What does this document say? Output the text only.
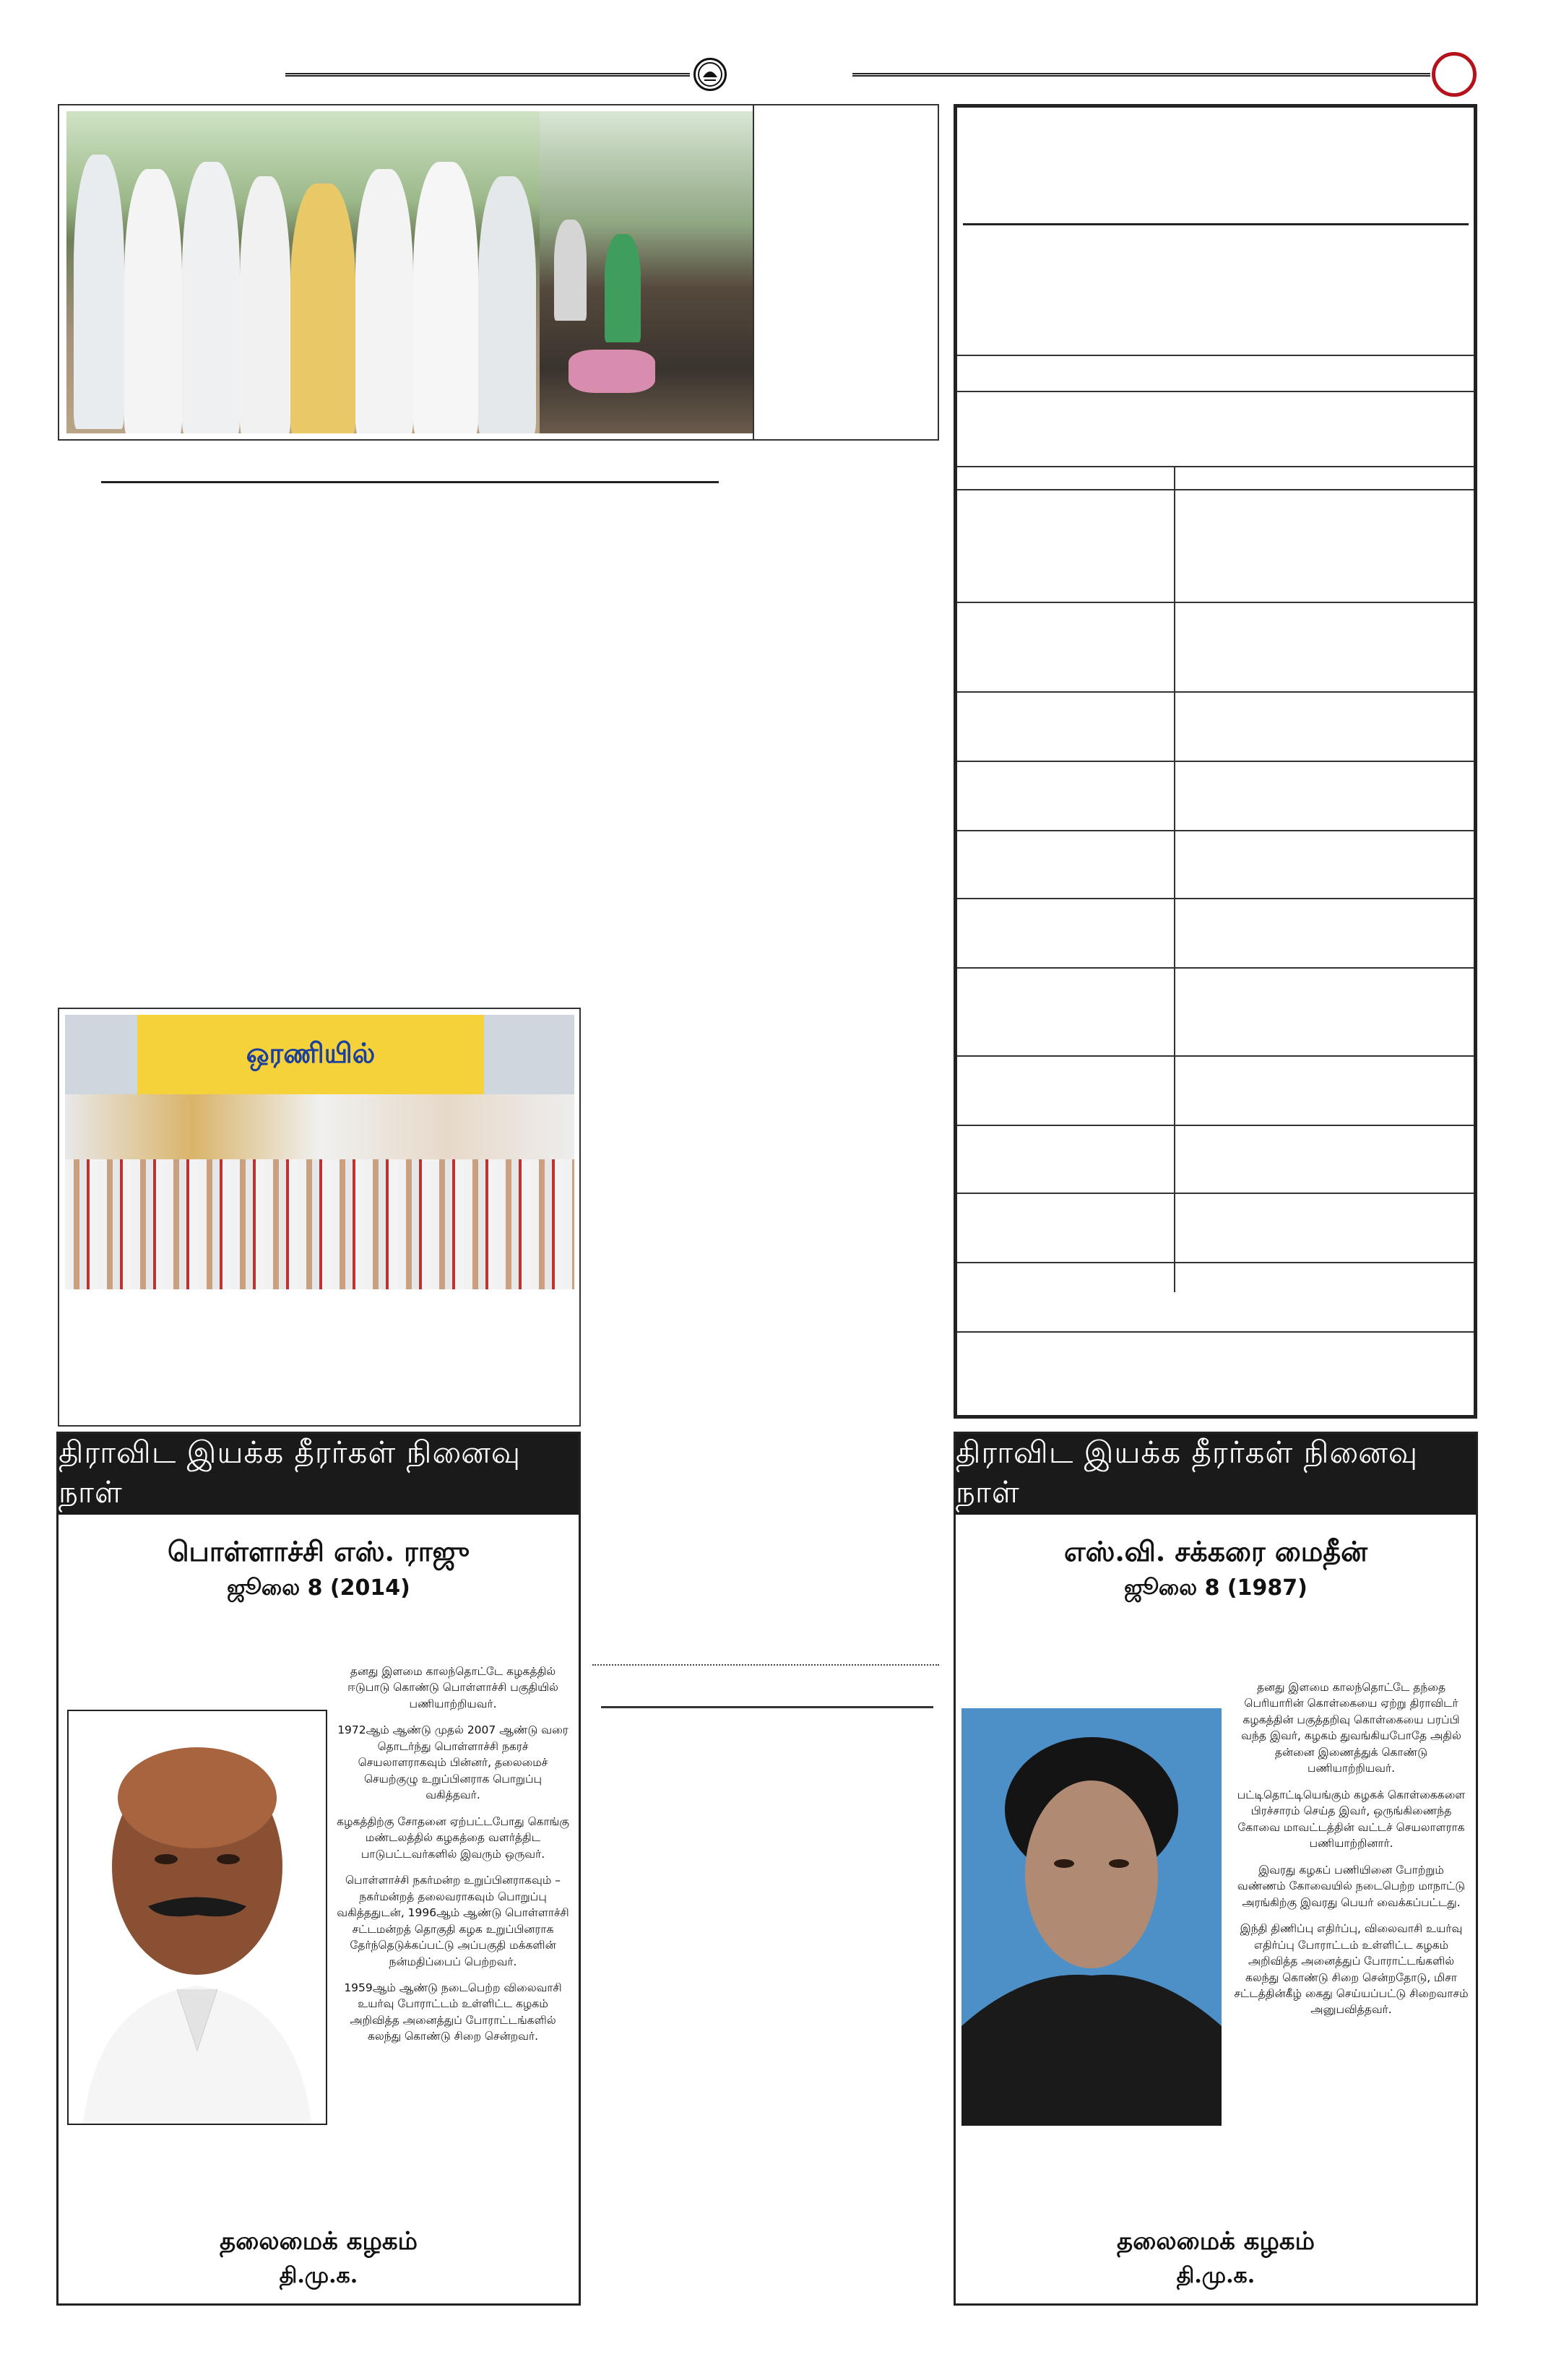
ஒரணியில்
திராவிட இயக்க தீரர்கள் நினைவு நாள்
பொள்ளாச்சி எஸ். ராஜு
ஜூலை 8 (2014)

தனது இளமை காலந்தொட்டே கழகத்தில் ஈடுபாடு கொண்டு பொள்ளாச்சி பகுதியில் பணியாற்றியவர்.

1972ஆம் ஆண்டு முதல் 2007 ஆண்டு வரை தொடர்ந்து பொள்ளாச்சி நகரச் செயலாளராகவும் பின்னர், தலைமைச் செயற்குழு உறுப்பினராக பொறுப்பு வகித்தவர்.

கழகத்திற்கு சோதனை ஏற்பட்டபோது கொங்கு மண்டலத்தில் கழகத்தை வளர்த்திட பாடுபட்டவர்களில் இவரும் ஒருவர்.

பொள்ளாச்சி நகர்மன்ற உறுப்பினராகவும் – நகர்மன்றத் தலைவராகவும் பொறுப்பு வகித்ததுடன், 1996ஆம் ஆண்டு பொள்ளாச்சி சட்டமன்றத் தொகுதி கழக உறுப்பினராக தேர்ந்தெடுக்கப்பட்டு அப்பகுதி மக்களின் நன்மதிப்பைப் பெற்றவர்.

1959ஆம் ஆண்டு நடைபெற்ற விலைவாசி உயர்வு போராட்டம் உள்ளிட்ட கழகம் அறிவித்த அனைத்துப் போராட்டங்களில் கலந்து கொண்டு சிறை சென்றவர்.

தலைமைக் கழகம்
தி.மு.க.
திராவிட இயக்க தீரர்கள் நினைவு நாள்
எஸ்.வி. சக்கரை மைதீன்
ஜூலை 8 (1987)

தனது இளமை காலந்தொட்டே தந்தை பெரியாரின் கொள்கையை ஏற்று திராவிடர் கழகத்தின் பகுத்தறிவு கொள்கையை பரப்பி வந்த இவர், கழகம் துவங்கியபோதே அதில் தன்னை இணைத்துக் கொண்டு பணியாற்றியவர்.

பட்டிதொட்டியெங்கும் கழகக் கொள்கைகளை பிரச்சாரம் செய்த இவர், ஒருங்கிணைந்த கோவை மாவட்டத்தின் வட்டச் செயலாளராக பணியாற்றினார்.

இவரது கழகப் பணியினை போற்றும் வண்ணம் கோவையில் நடைபெற்ற மாநாட்டு அரங்கிற்கு இவரது பெயர் வைக்கப்பட்டது.

இந்தி திணிப்பு எதிர்ப்பு, விலைவாசி உயர்வு எதிர்ப்பு போராட்டம் உள்ளிட்ட கழகம் அறிவித்த அனைத்துப் போராட்டங்களில் கலந்து கொண்டு சிறை சென்றதோடு, மிசா சட்டத்தின்கீழ் கைது செய்யப்பட்டு சிறைவாசம் அனுபவித்தவர்.

தலைமைக் கழகம்
தி.மு.க.
